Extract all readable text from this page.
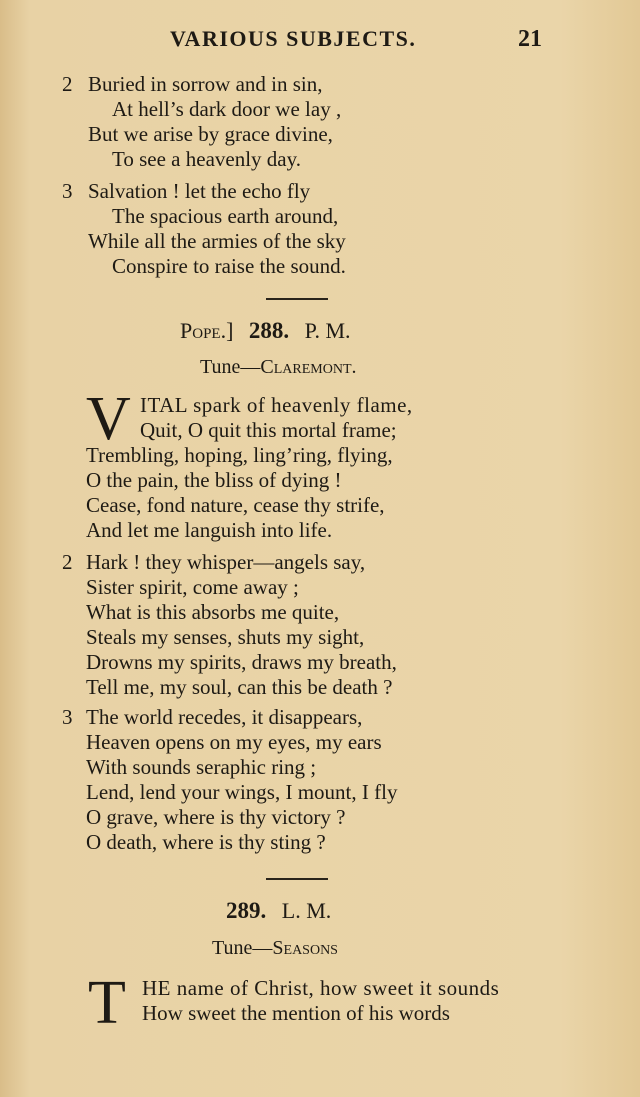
VARIOUS SUBJECTS.	21
2 Buried in sorrow and in sin,
At hell’s dark door we lay ,
But we arise by grace divine,
To see a heavenly day.
3 Salvation ! let the echo fly
The spacious earth around,
While all the armies of the sky
Conspire to raise the sound.
Pope.] 288. P. M.
Tune—Claremont.
V ITAL spark of heavenly flame,
Quit, O quit this mortal frame;
Trembling, hoping, ling’ring, flying,
O the pain, the bliss of dying !
Cease, fond nature, cease thy strife,
And let me languish into life.
2 Hark ! they whisper—angels say,
Sister spirit, come away ;
What is this absorbs me quite,
Steals my senses, shuts my sight,
Drowns my spirits, draws my breath,
Tell me, my soul, can this be death ?
3 The world recedes, it disappears,
Heaven opens on my eyes, my ears
With sounds seraphic ring ;
Lend, lend your wings, I mount, I fly
O grave, where is thy victory ?
O death, where is thy sting ?
289. L. M.
Tune—Seasons
T HE name of Christ, how sweet it sounds
How sweet the mention of his words
